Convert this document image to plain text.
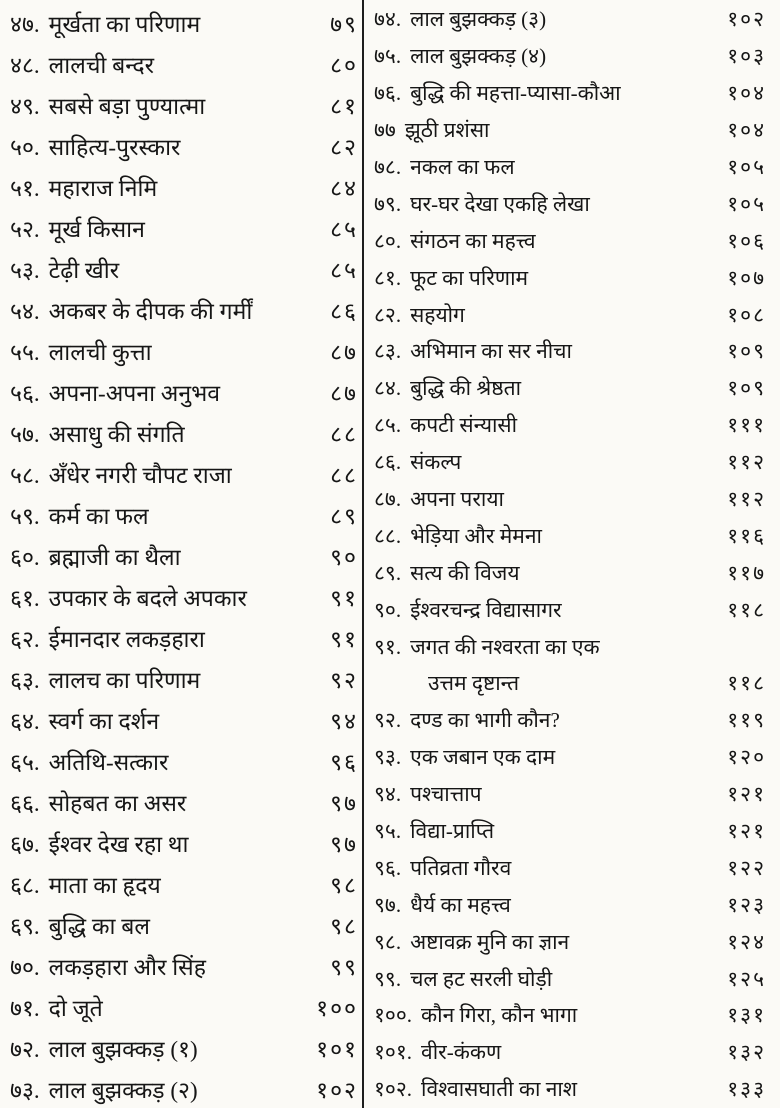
४७. मूर्खता का परिणाम	७९
४८. लालची बन्दर	८०
४९. सबसे बड़ा पुण्यात्मा	८१
५०. साहित्य-पुरस्कार	८२
५१. महाराज निमि	८४
५२. मूर्ख किसान	८५
५३. टेढ़ी खीर	८५
५४. अकबर के दीपक की गर्मीं	८६
५५. लालची कुत्ता	८७
५६. अपना-अपना अनुभव	८७
५७. असाधु की संगति	८८
५८. अँधेर नगरी चौपट राजा	८८
५९. कर्म का फल	८९
६०. ब्रह्माजी का थैला	९०
६१. उपकार के बदले अपकार	९१
६२. ईमानदार लकड़हारा	९१
६३. लालच का परिणाम	९२
६४. स्वर्ग का दर्शन	९४
६५. अतिथि-सत्कार	९६
६६. सोहबत का असर	९७
६७. ईश्वर देख रहा था	९७
६८. माता का हृदय	९८
६९. बुद्धि का बल	९८
७०. लकड़हारा और सिंह	९९
७१. दो जूते	१००
७२. लाल बुझक्कड़ (१)	१०१
७३. लाल बुझक्कड़ (२)	१०२
७४. लाल बुझक्कड़ (३)	१०२
७५. लाल बुझक्कड़ (४)	१०३
७६. बुद्धि की महत्ता-प्यासा-कौआ	१०४
७७ झूठी प्रशंसा	१०४
७८. नकल का फल	१०५
७९. घर-घर देखा एकहि लेखा	१०५
८०. संगठन का महत्त्व	१०६
८१. फूट का परिणाम	१०७
८२. सहयोग	१०८
८३. अभिमान का सर नीचा	१०९
८४. बुद्धि की श्रेष्ठता	१०९
८५. कपटी संन्यासी	१११
८६. संकल्प	११२
८७. अपना पराया	११२
८८. भेड़िया और मेमना	११६
८९. सत्य की विजय	११७
९०. ईश्वरचन्द्र विद्यासागर	११८
९१. जगत की नश्वरता का एक
उत्तम दृष्टान्त	११८
९२. दण्ड का भागी कौन?	११९
९३. एक जबान एक दाम	१२०
९४. पश्चात्ताप	१२१
९५. विद्या-प्राप्ति	१२१
९६. पतिव्रता गौरव	१२२
९७. धैर्य का महत्त्व	१२३
९८. अष्टावक्र मुनि का ज्ञान	१२४
९९. चल हट सरली घोड़ी	१२५
१००. कौन गिरा, कौन भागा	१३१
१०१. वीर-कंकण	१३२
१०२. विश्वासघाती का नाश	१३३
